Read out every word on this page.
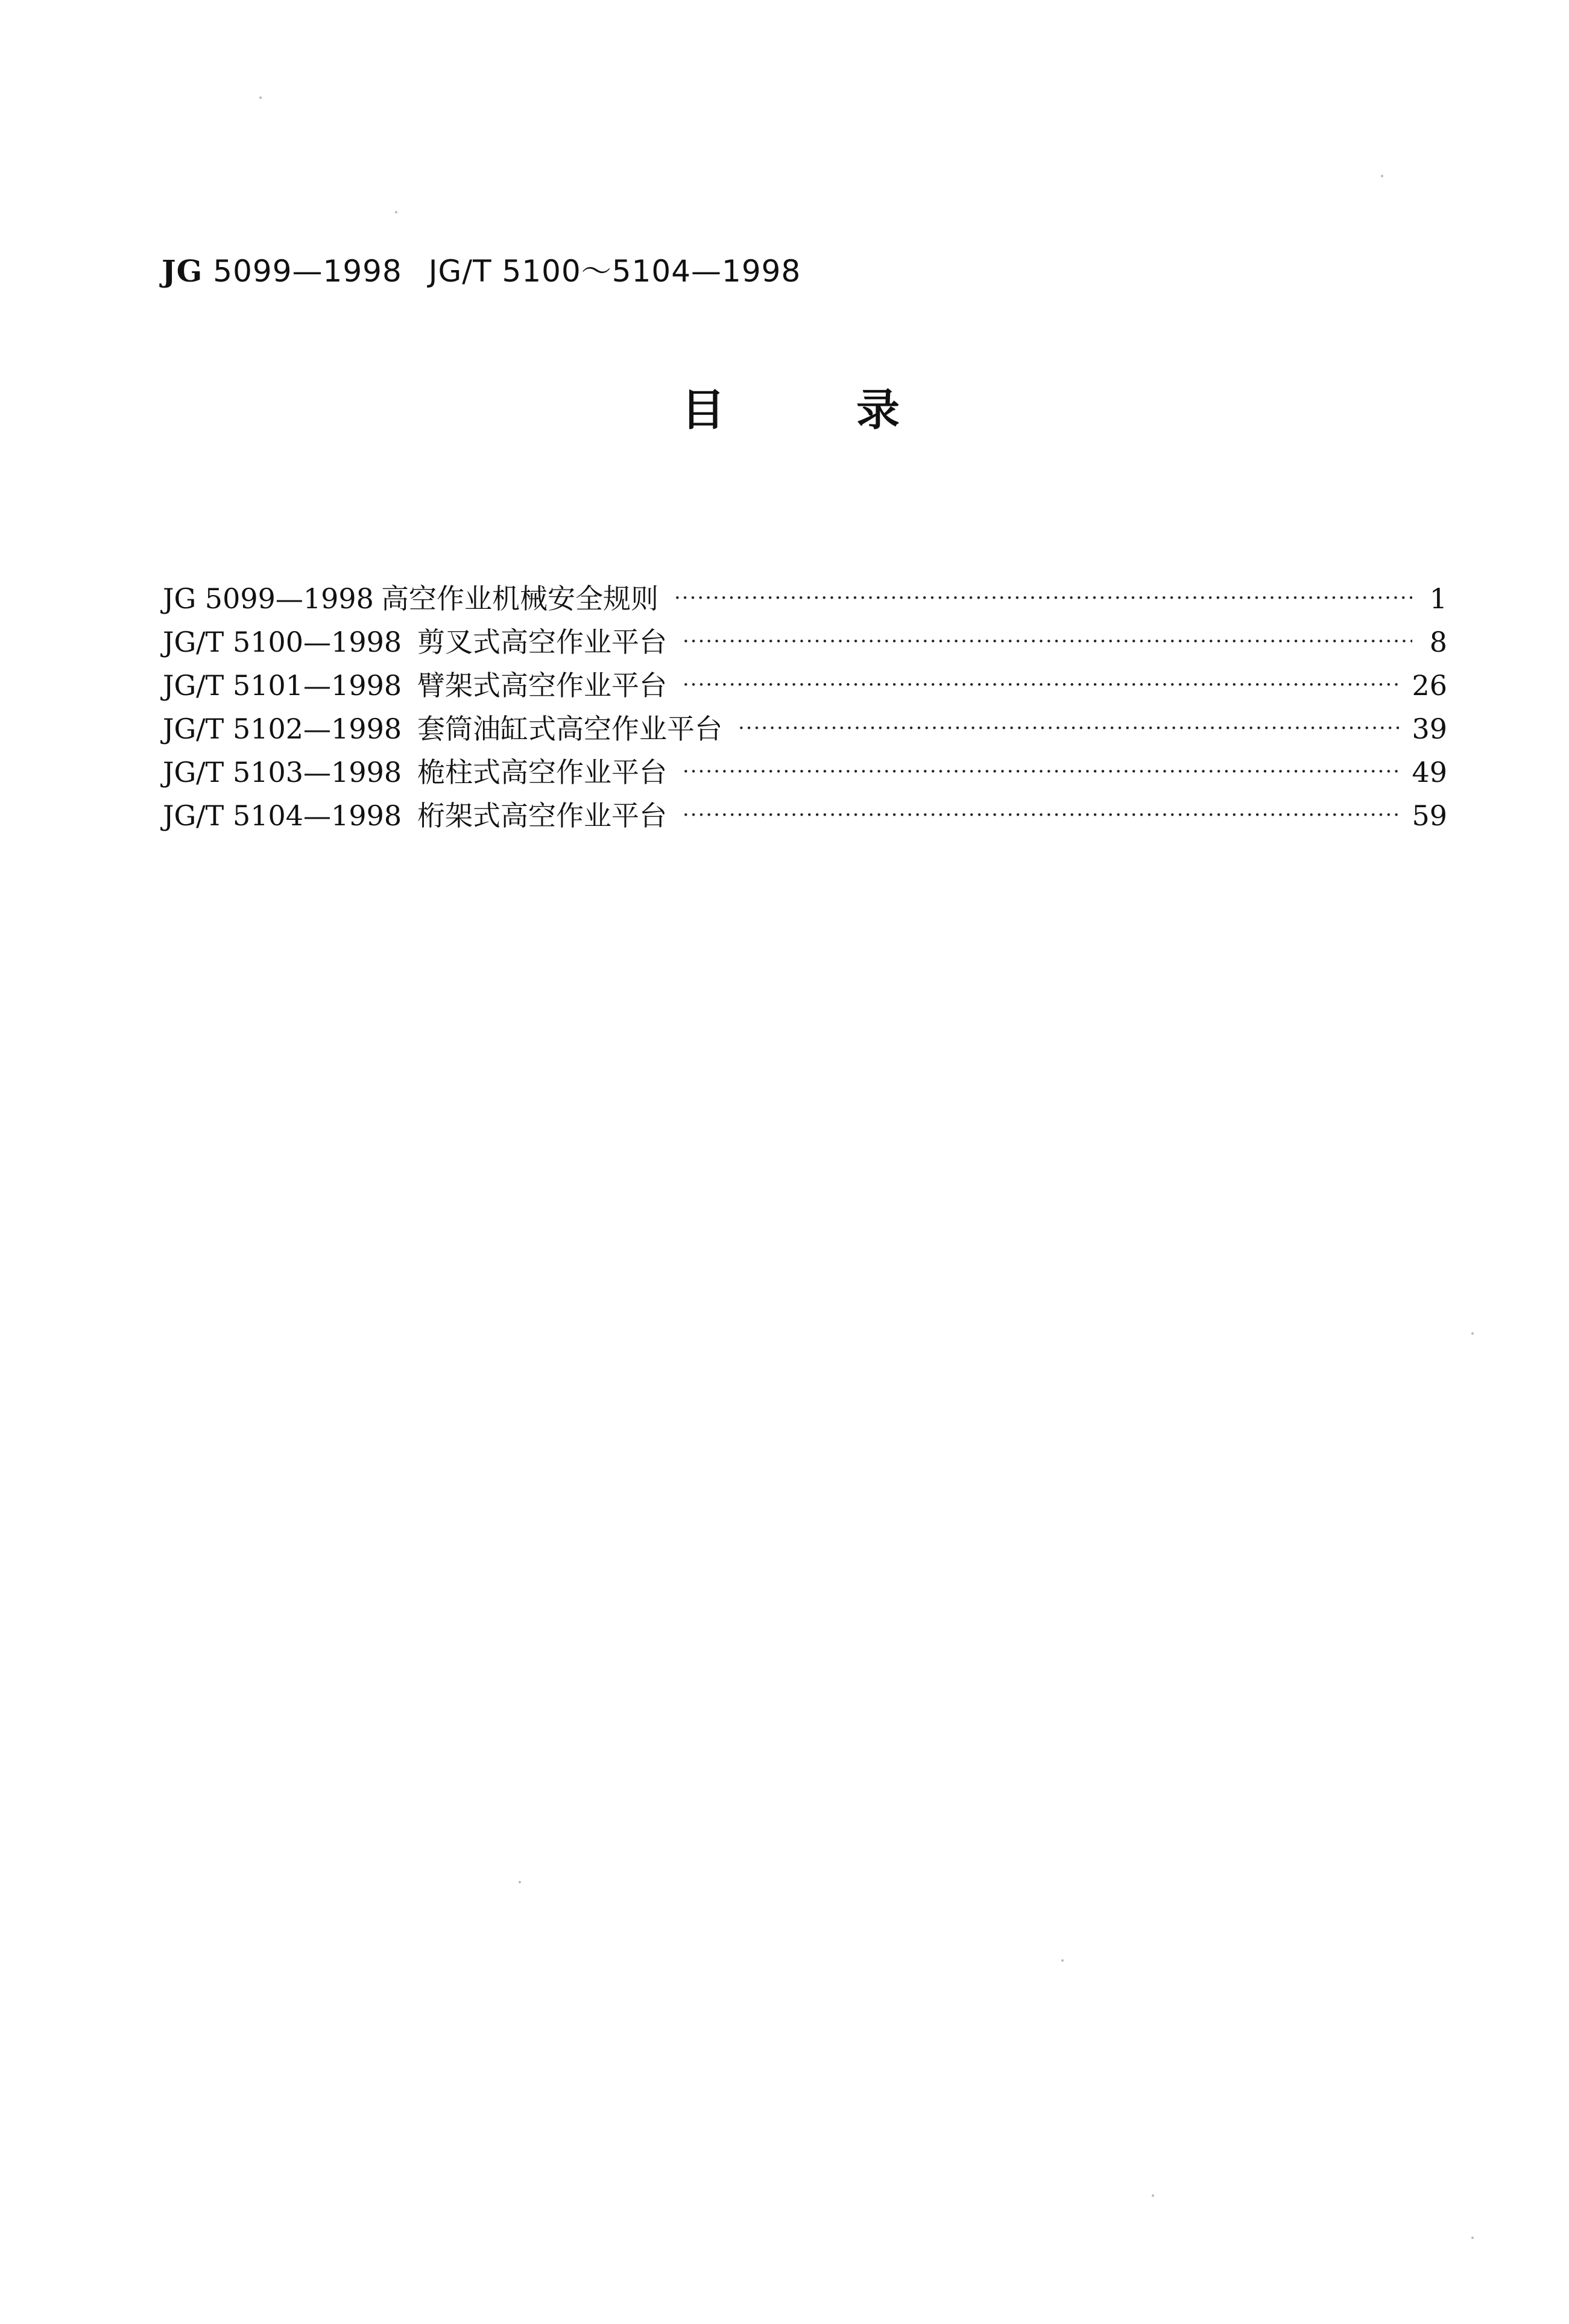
JG 5099—1998 JG/T 5100～5104—1998
目	录
JG 5099—1998 高空作业机械安全规则 ·····	1
JG/T 5100—1998 剪叉式高空作业平台 ·····	8
JG/T 5101—1998 臂架式高空作业平台 ·····	26
JG/T 5102—1998 套筒油缸式高空作业平台 ·····	39
JG/T 5103—1998 桅柱式高空作业平台 ·····	49
JG/T 5104—1998 桁架式高空作业平台 ·····	59
